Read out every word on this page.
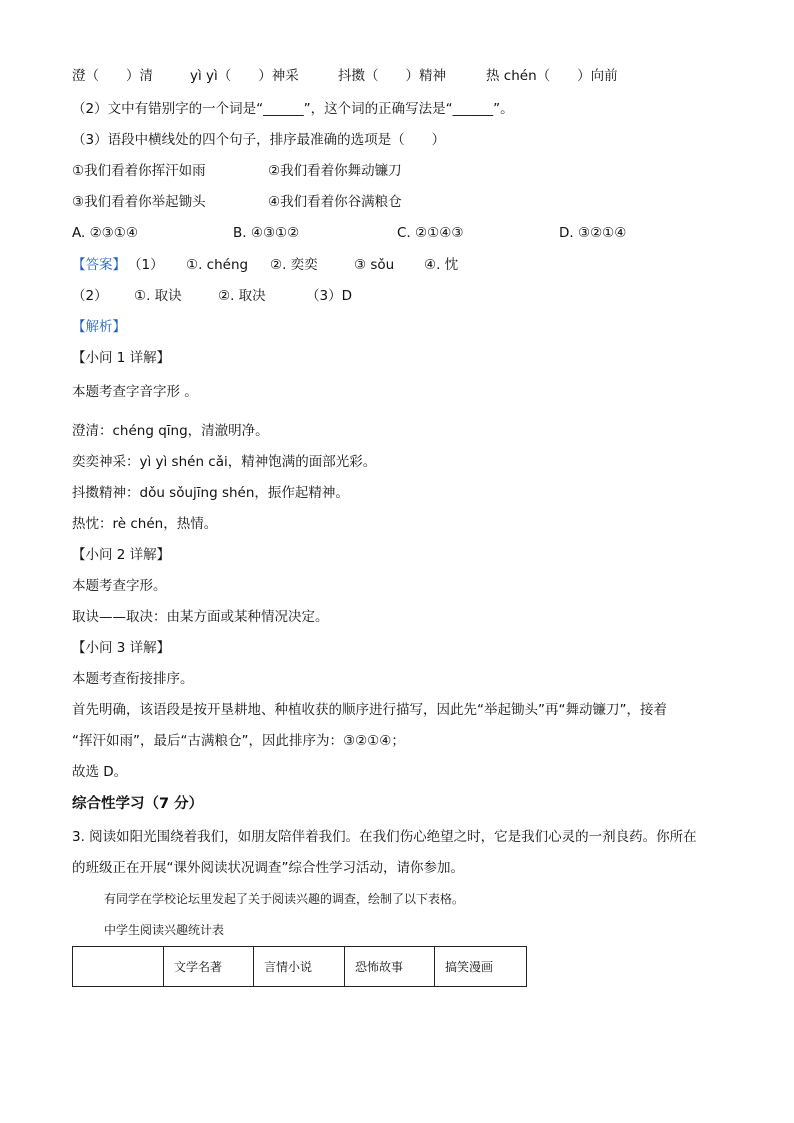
澄（　　）清	yì yì（　　）神采	抖擞（　　）精神	热 chén（　　）向前
（2）文中有错别字的一个词是“______”，这个词的正确写法是“______”。
（3）语段中横线处的四个句子，排序最准确的选项是（　　）
①我们看着你挥汗如雨	②我们看着你舞动镰刀
③我们看着你举起锄头	④我们看着你谷满粮仓
A. ②③①④	B. ④③①②	C. ②①④③	D. ③②①④
【答案】 （1） ①. chéng ②. 奕奕	③ sǒu ④. 忱
（2） ①. 取诀	②. 取决	（3）D
【解析】
【小问 1 详解】
本题考查字音字形 。
澄清：chéng qīng，清澈明净。
奕奕神采：yì yì shén cǎi，精神饱满的面部光彩。
抖擞精神：dǒu sǒujīng shén，振作起精神。
热忱：rè chén，热情。
【小问 2 详解】
本题考查字形。
取诀——取决：由某方面或某种情况决定。
【小问 3 详解】
本题考查衔接排序。
首先明确，该语段是按开垦耕地、种植收获的顺序进行描写，因此先“举起锄头”再“舞动镰刀”，接着
“挥汗如雨”，最后“古满粮仓”，因此排序为：③②①④；
故选 D。
综合性学习（7 分）
3. 阅读如阳光围绕着我们，如朋友陪伴着我们。在我们伤心绝望之时，它是我们心灵的一剂良药。你所在
的班级正在开展“课外阅读状况调查”综合性学习活动，请你参加。
有同学在学校论坛里发起了关于阅读兴趣的调查，绘制了以下表格。
中学生阅读兴趣统计表
	文学名著	言情小说	恐怖故事	搞笑漫画
